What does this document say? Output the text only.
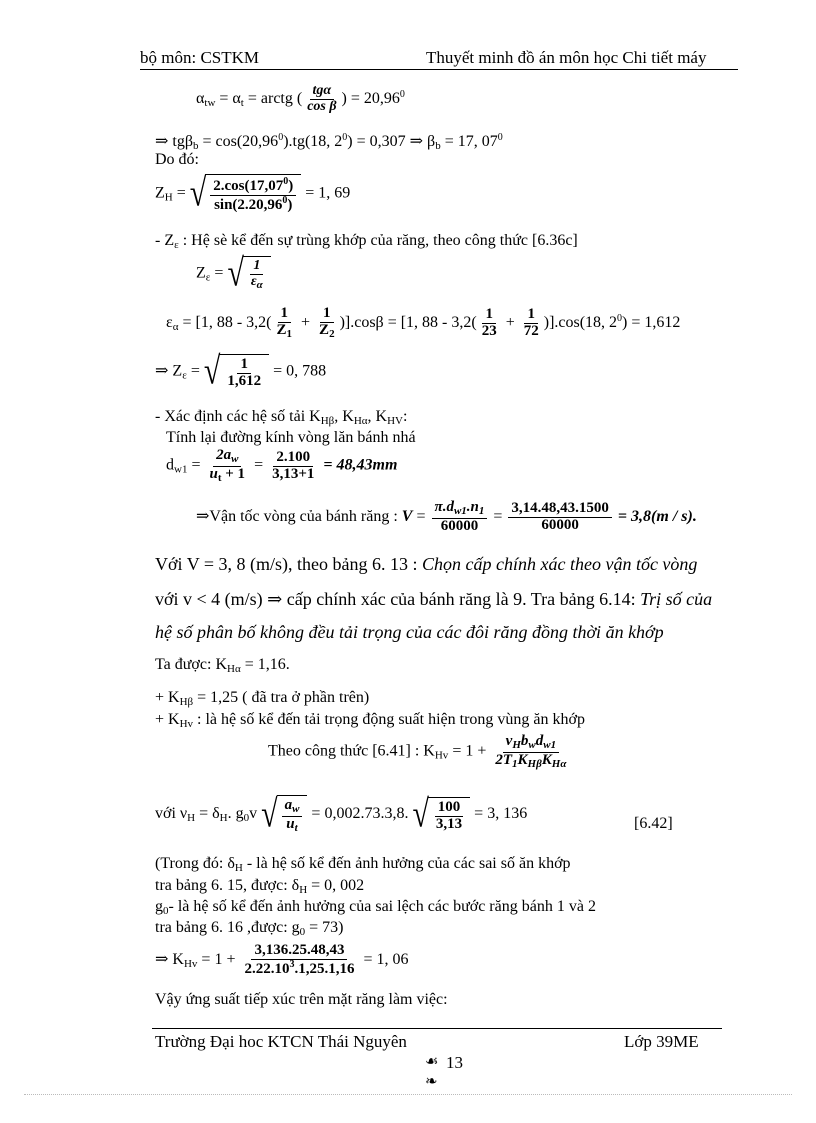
bộ môn: CSTKM	Thuyết minh đồ án môn học Chi tiết máy
$\alpha_{tw} = \alpha_t$ = arctg ( $\frac{\text{tgα}}{\text{cos β}}$ ) = $20,96^0$
⇒ $tg\beta_b = \cos(20,96^0).tg(18$, $2^0) = 0,307$ ⇒ $\beta_b = 17$, $07^0$
Do đó:
$Z_H$ = √ $\frac{2.\cos(17,07^0)}{\sin(2.20,96^0)} = 1$, 69
- $Z_\varepsilon$ : Hệ sè kể đến sự trùng khớp của răng, theo công thức [6.36c]
$Z_\varepsilon$ = √ $\frac{1}{\varepsilon_\alpha}$
$\varepsilon_\alpha = [1$, $88 - 3,2( \frac{1}{Z_1} + \frac{1}{Z_2} )].\cos\beta = [1$, $88 - 3,2( \frac{1}{23} + \frac{1}{72} )].\cos(18$, $2^0) = 1,612$
⇒ $Z_\varepsilon$ = √ $\frac{1}{1,612} = 0$, 788
- Xác định các hệ số tải $K_{H\beta}$, $K_{H\alpha}$, $K_{HV}$:
Tính lại đường kính vòng lăn bánh nhá
$d_{w1} = \frac{2a_w}{u_t + 1} = \frac{2.100}{3,13+1} = 48,43mm$
⇒Vận tốc vòng của bánh răng : $V = \frac{\pi.d_{w1}.n_1}{60000} = \frac{3,14.48,43.1500}{60000} = 3,8(m / s)$.
Với V = 3, 8 (m/s), theo bảng 6. 13 : Chọn cấp chính xác theo vận tốc vòng
với v < 4 (m/s) ⇒ cấp chính xác của bánh răng là 9. Tra bảng 6.14: Trị số của
hệ số phân bố không đều tải trọng của các đôi răng đồng thời ăn khớp
Ta được: $K_{H\alpha} = 1,16$.
+ $K_{H\beta} = 1,25$ ( đã tra ở phần trên)
+ $K_{Hv}$ : là hệ số kể đến tải trọng động suất hiện trong vùng ăn khớp
Theo công thức [6.41] : $K_{Hv} = 1 + \frac{v_Hb_wd_{w1}}{2T_1K_{H\beta}K_{H\alpha}}$
với $\nu_H = \delta_H$. $g_0v$ √ $\frac{a_w}{u_t} = 0,002.73.3,8$. √ $\frac{100}{3,13} = 3$, 136
[6.42]
(Trong đó: $\delta_H$ - là hệ số kể đến ảnh hưởng của các sai số ăn khớp
tra bảng 6. 15, được: $\delta_H = 0$, 002
$g_0-$ là hệ số kể đến ảnh hưởng của sai lệch các bước răng bánh 1 và 2
tra bảng 6. 16 ,được: $g_0 = 73$)
⇒ $K_{Hv} = 1 + \frac{3,136.25.48,43}{2.22.10^3.1,25.1,16} = 1$, 06
Vậy ứng suất tiếp xúc trên mặt răng làm việc:
Trường Đại hoc KTCN Thái Nguyên	Lớp 39ME
☙ 13
❧
